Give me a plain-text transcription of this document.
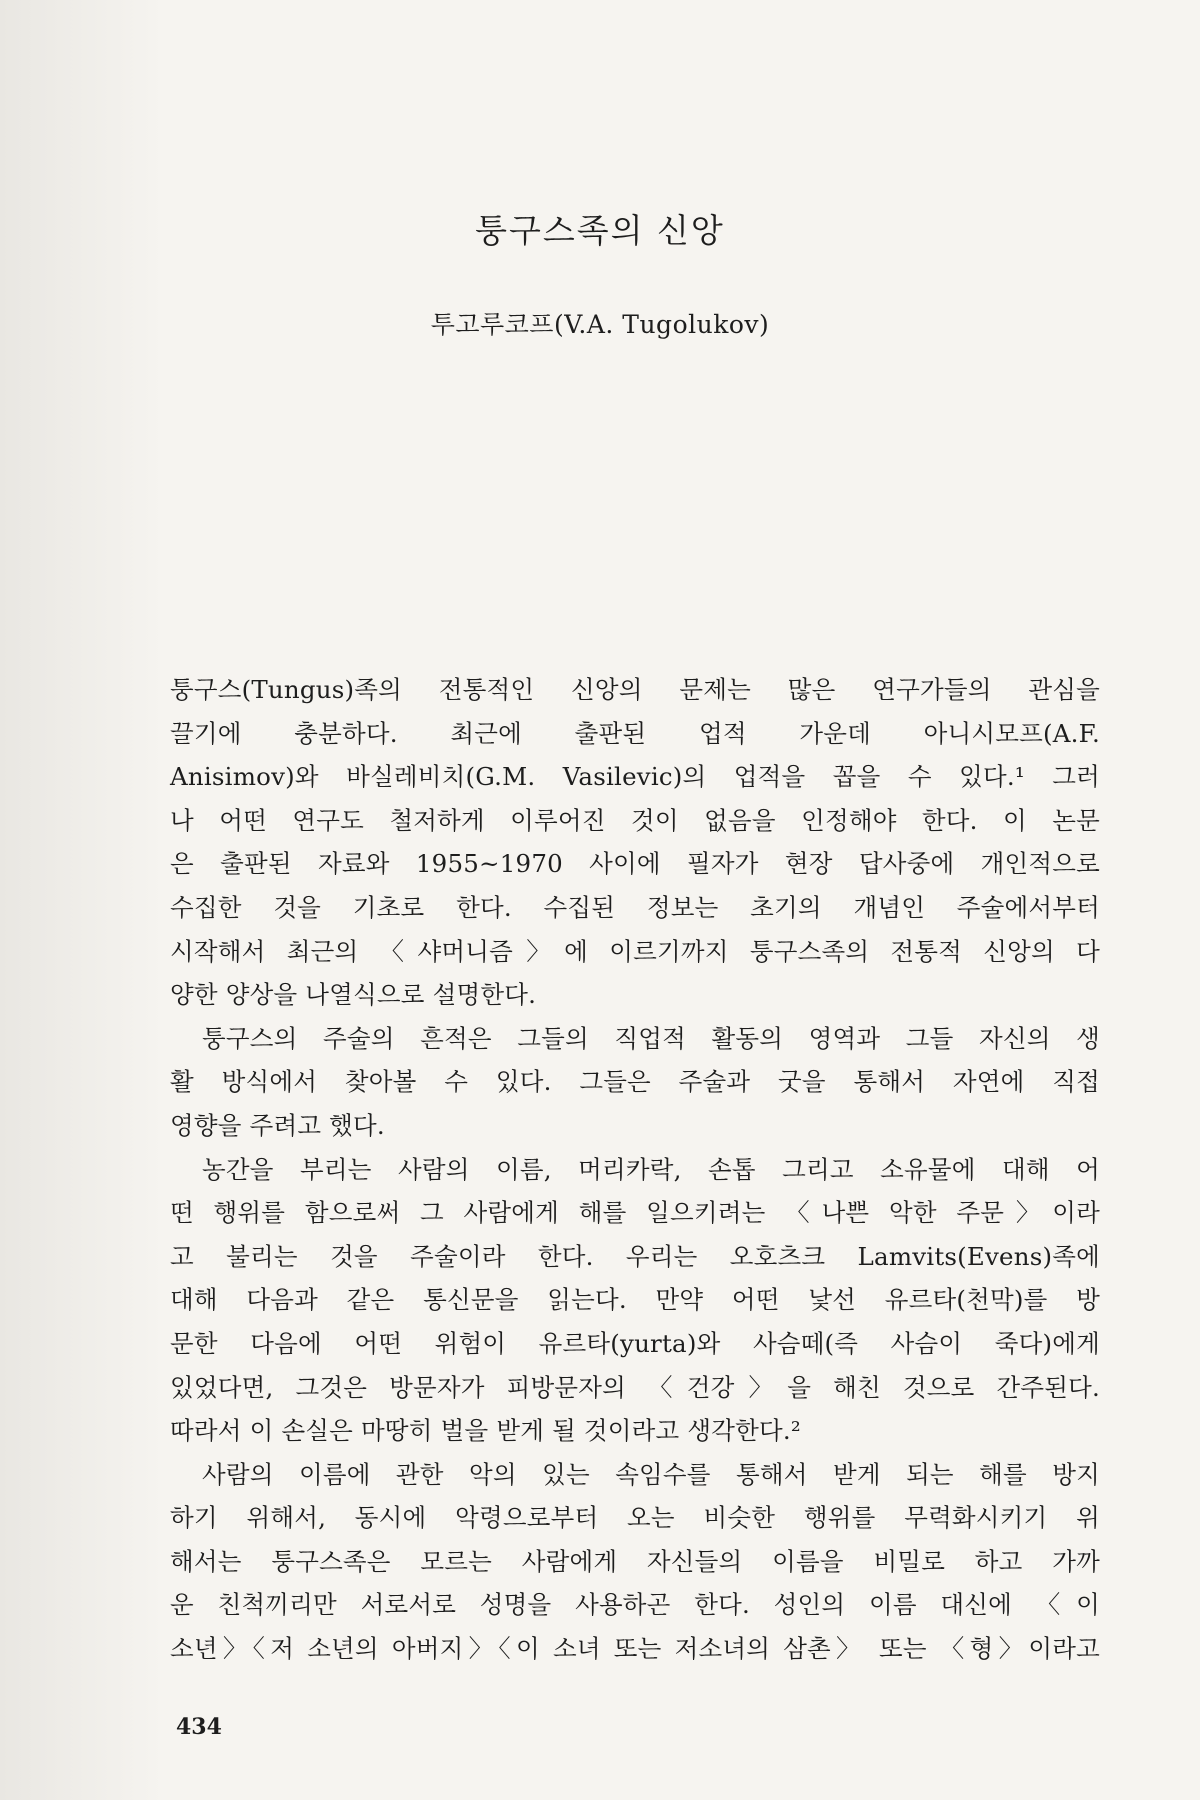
퉁구스족의 신앙

투고루코프(V.A. Tugolukov)

퉁구스(Tungus)족의 전통적인 신앙의 문제는 많은 연구가들의 관심을
끌기에 충분하다. 최근에 출판된 업적 가운데 아니시모프(A.F.
Anisimov)와 바실레비치(G.M. Vasilevic)의 업적을 꼽을 수 있다.¹ 그러
나 어떤 연구도 철저하게 이루어진 것이 없음을 인정해야 한다. 이 논문
은 출판된 자료와 1955~1970 사이에 필자가 현장 답사중에 개인적으로
수집한 것을 기초로 한다. 수집된 정보는 초기의 개념인 주술에서부터
시작해서 최근의 〈샤머니즘〉에 이르기까지 퉁구스족의 전통적 신앙의 다
양한 양상을 나열식으로 설명한다.
퉁구스의 주술의 흔적은 그들의 직업적 활동의 영역과 그들 자신의 생
활 방식에서 찾아볼 수 있다. 그들은 주술과 굿을 통해서 자연에 직접
영향을 주려고 했다.
농간을 부리는 사람의 이름, 머리카락, 손톱 그리고 소유물에 대해 어
떤 행위를 함으로써 그 사람에게 해를 일으키려는 〈나쁜 악한 주문〉이라
고 불리는 것을 주술이라 한다. 우리는 오호츠크 Lamvits(Evens)족에
대해 다음과 같은 통신문을 읽는다. 만약 어떤 낯선 유르타(천막)를 방
문한 다음에 어떤 위험이 유르타(yurta)와 사슴떼(즉 사슴이 죽다)에게
있었다면, 그것은 방문자가 피방문자의 〈건강〉을 해친 것으로 간주된다.
따라서 이 손실은 마땅히 벌을 받게 될 것이라고 생각한다.²
사람의 이름에 관한 악의 있는 속임수를 통해서 받게 되는 해를 방지
하기 위해서, 동시에 악령으로부터 오는 비슷한 행위를 무력화시키기 위
해서는 퉁구스족은 모르는 사람에게 자신들의 이름을 비밀로 하고 가까
운 친척끼리만 서로서로 성명을 사용하곤 한다. 성인의 이름 대신에 〈이
소년〉〈저 소년의 아버지〉〈이 소녀 또는 저소녀의 삼촌〉 또는 〈형〉이라고

434
